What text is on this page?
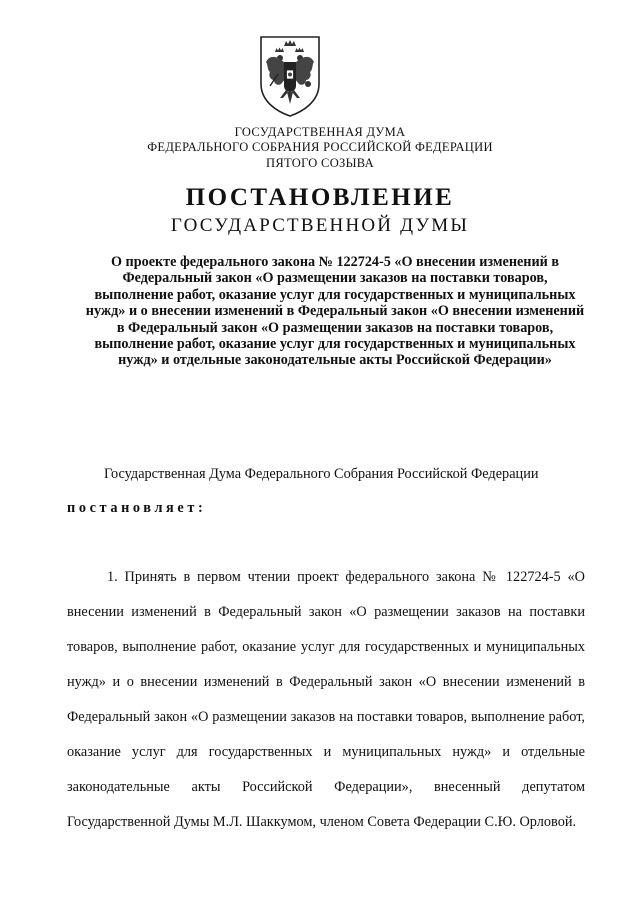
ГОСУДАРСТВЕННАЯ ДУМА
ФЕДЕРАЛЬНОГО СОБРАНИЯ РОССИЙСКОЙ ФЕДЕРАЦИИ
ПЯТОГО СОЗЫВА
ПОСТАНОВЛЕНИЕ
ГОСУДАРСТВЕННОЙ ДУМЫ
О проекте федерального закона № 122724-5 «О внесении изменений в Федеральный закон «О размещении заказов на поставки товаров, выполнение работ, оказание услуг для государственных и муниципальных нужд» и о внесении изменений в Федеральный закон «О внесении изменений в Федеральный закон «О размещении заказов на поставки товаров, выполнение работ, оказание услуг для государственных и муниципальных нужд» и отдельные законодательные акты Российской Федерации»
Государственная Дума Федерального Собрания Российской Федерации
постановляет:
1. Принять в первом чтении проект федерального закона № 122724-5 «О внесении изменений в Федеральный закон «О размещении заказов на поставки товаров, выполнение работ, оказание услуг для государственных и муниципальных нужд» и о внесении изменений в Федеральный закон «О внесении изменений в Федеральный закон «О размещении заказов на поставки товаров, выполнение работ, оказание услуг для государственных и муниципальных нужд» и отдельные законодательные акты Российской Федерации», внесенный депутатом Государственной Думы М.Л. Шаккумом, членом Совета Федерации С.Ю. Орловой.
